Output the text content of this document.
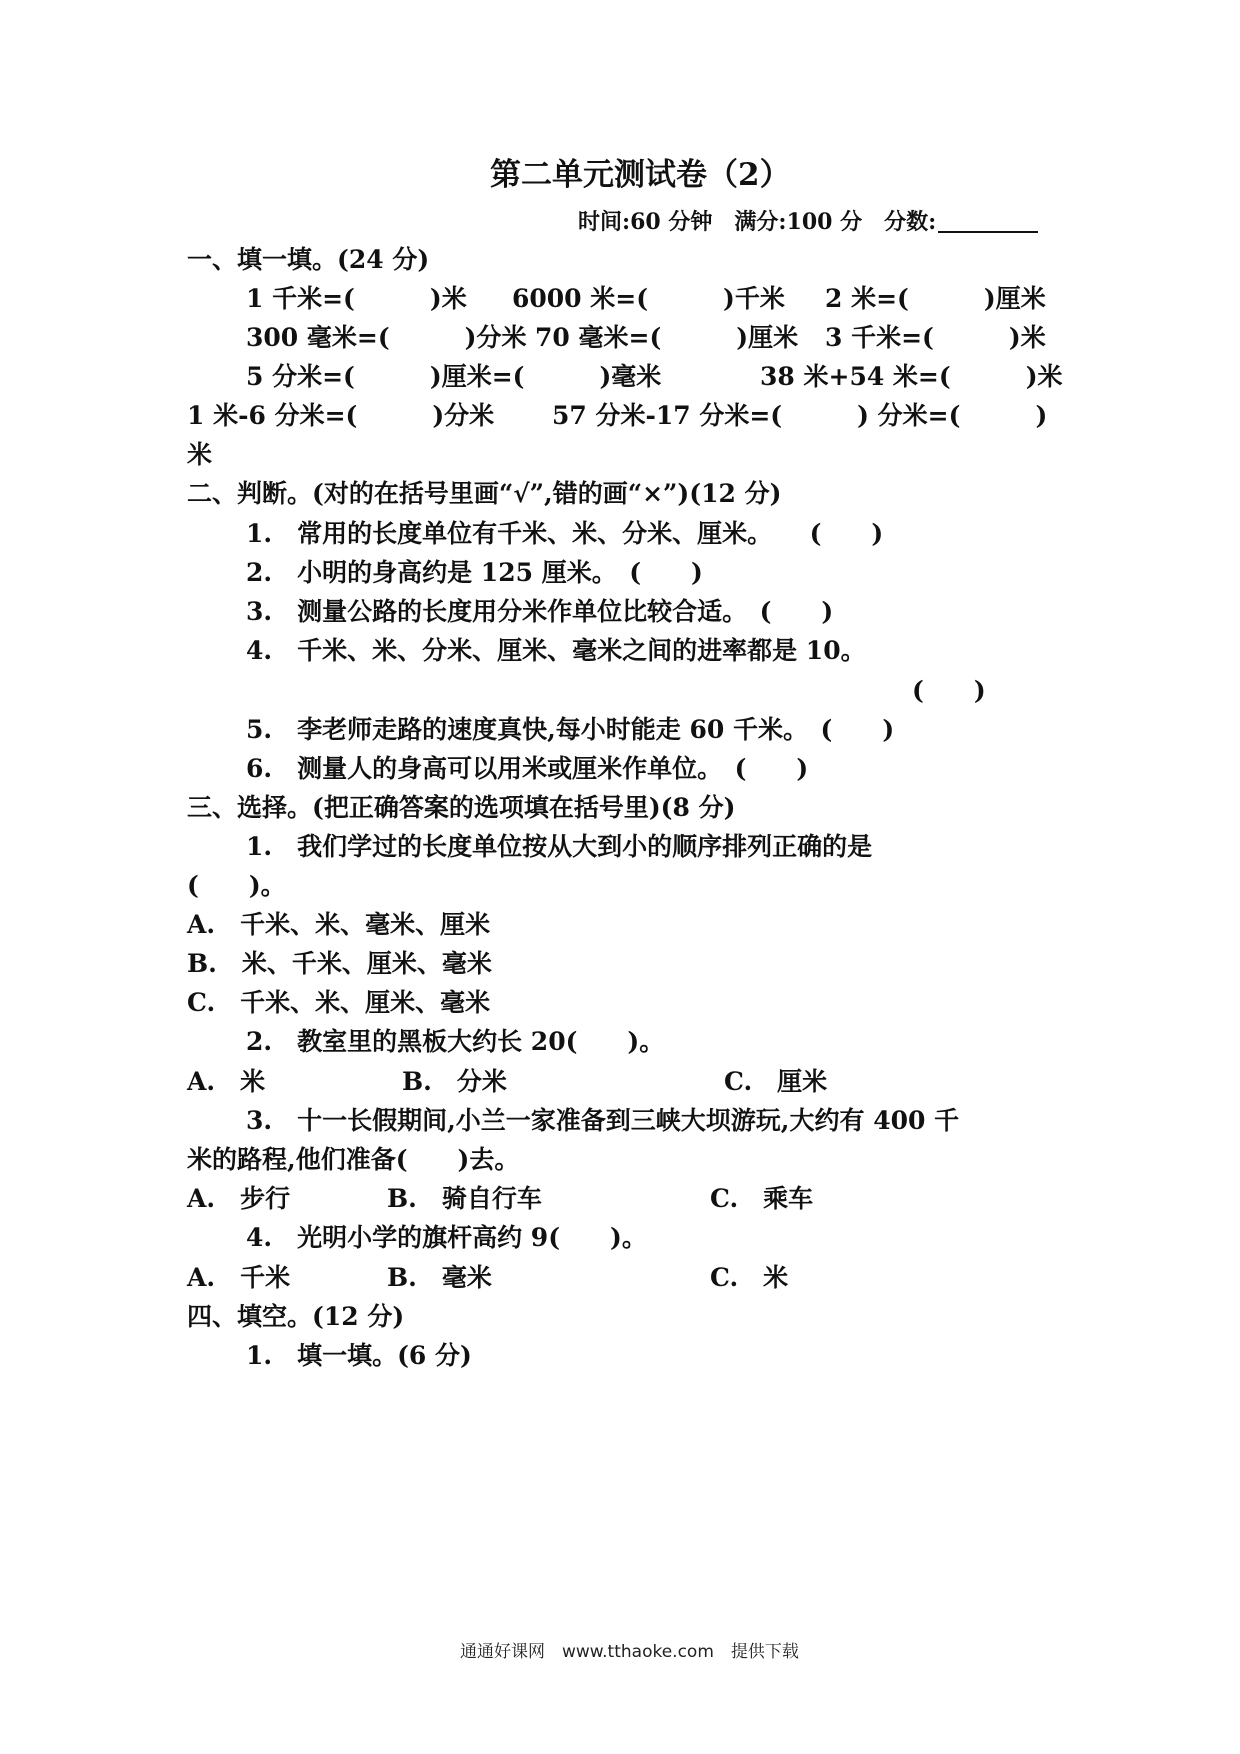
第二单元测试卷（2）
时间:60 分钟　满分:100 分　分数:
一、填一填。(24 分)
1 千米=(　　　)米 6000 米=(　　　)千米 2 米=(　　　)厘米
300 毫米=(　　　)分米 70 毫米=(　　　)厘米 3 千米=(　　　)米
5 分米=(　　　)厘米=(　　　)毫米	38 米+54 米=(　　　)米
1 米-6 分米=(　　　)分米 57 分米-17 分米=(　　　) 分米=(　　　)
米
二、判断。(对的在括号里画“√”,错的画“×”)(12 分)
1.　常用的长度单位有千米、米、分米、厘米。　　(　　)
2.　小明的身高约是 125 厘米。　(　　)
3.　测量公路的长度用分米作单位比较合适。　(　　)
4.　千米、米、分米、厘米、毫米之间的进率都是 10。
(　　)
5.　李老师走路的速度真快,每小时能走 60 千米。　(　　)
6.　测量人的身高可以用米或厘米作单位。　(　　)
三、选择。(把正确答案的选项填在括号里)(8 分)
1.　我们学过的长度单位按从大到小的顺序排列正确的是
(　　)。
A.　千米、米、毫米、厘米
B.　米、千米、厘米、毫米
C.　千米、米、厘米、毫米
2.　教室里的黑板大约长 20(　　)。
A.　米	B.　分米	C.　厘米
3.　十一长假期间,小兰一家准备到三峡大坝游玩,大约有 400 千
米的路程,他们准备(　　)去。
A.　步行	B.　骑自行车	C.　乘车
4.　光明小学的旗杆高约 9(　　)。
A.　千米	B.　毫米	C.　米
四、填空。(12 分)
1.　填一填。(6 分)
通通好课网　www.tthaoke.com　提供下载
